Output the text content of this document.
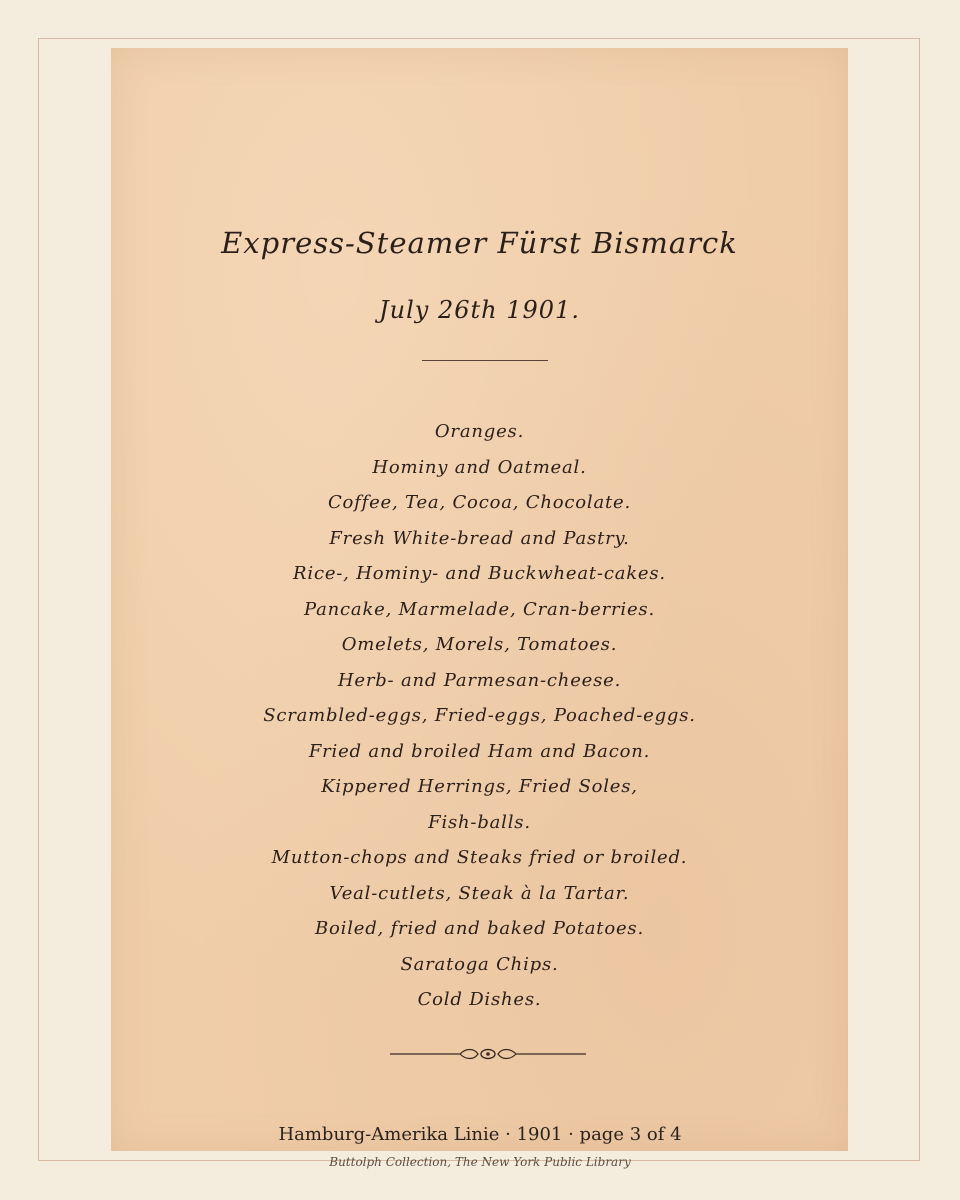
Express-Steamer Fürst Bismarck
July 26th 1901.
Oranges.
Hominy and Oatmeal.
Coffee, Tea, Cocoa, Chocolate.
Fresh White-bread and Pastry.
Rice-, Hominy- and Buckwheat-cakes.
Pancake, Marmelade, Cran-berries.
Omelets, Morels, Tomatoes.
Herb- and Parmesan-cheese.
Scrambled-eggs, Fried-eggs, Poached-eggs.
Fried and broiled Ham and Bacon.
Kippered Herrings, Fried Soles,
Fish-balls.
Mutton-chops and Steaks fried or broiled.
Veal-cutlets, Steak à la Tartar.
Boiled, fried and baked Potatoes.
Saratoga Chips.
Cold Dishes.
Hamburg-Amerika Linie · 1901 · page 3 of 4
Buttolph Collection, The New York Public Library
